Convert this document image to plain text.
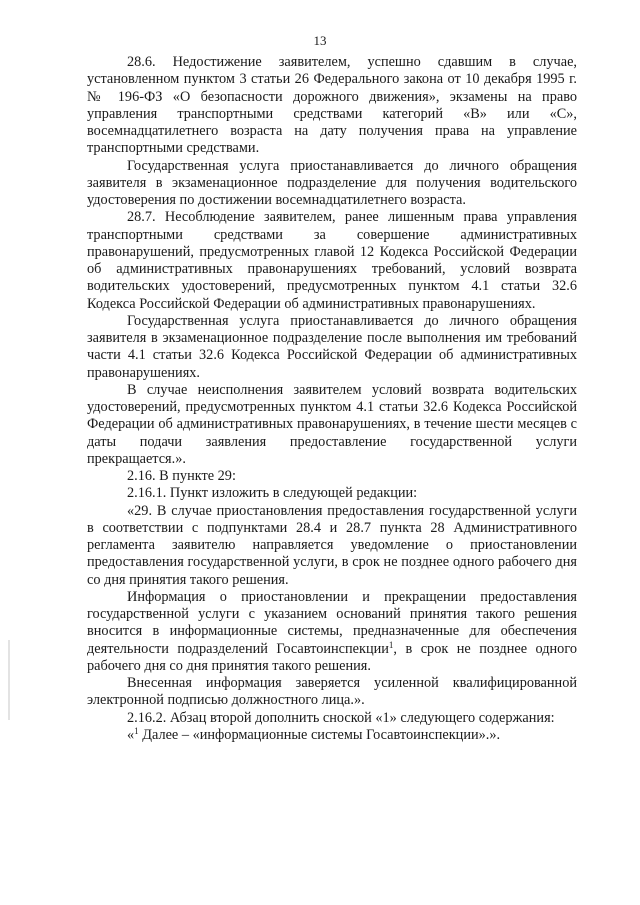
13

28.6. Недостижение заявителем, успешно сдавшим в случае, установленном пунктом 3 статьи 26 Федерального закона от 10 декабря 1995 г. № 196-ФЗ «О безопасности дорожного движения», экзамены на право управления транспортными средствами категорий «В» или «С», восемнадцатилетнего возраста на дату получения права на управление транспортными средствами.

Государственная услуга приостанавливается до личного обращения заявителя в экзаменационное подразделение для получения водительского удостоверения по достижении восемнадцатилетнего возраста.

28.7. Несоблюдение заявителем, ранее лишенным права управления транспортными средствами за совершение административных правонарушений, предусмотренных главой 12 Кодекса Российской Федерации об административных правонарушениях требований, условий возврата водительских удостоверений, предусмотренных пунктом 4.1 статьи 32.6 Кодекса Российской Федерации об административных правонарушениях.

Государственная услуга приостанавливается до личного обращения заявителя в экзаменационное подразделение после выполнения им требований части 4.1 статьи 32.6 Кодекса Российской Федерации об административных правонарушениях.

В случае неисполнения заявителем условий возврата водительских удостоверений, предусмотренных пунктом 4.1 статьи 32.6 Кодекса Российской Федерации об административных правонарушениях, в течение шести месяцев с даты подачи заявления предоставление государственной услуги прекращается.».

2.16. В пункте 29:

2.16.1. Пункт изложить в следующей редакции:

«29. В случае приостановления предоставления государственной услуги в соответствии с подпунктами 28.4 и 28.7 пункта 28 Административного регламента заявителю направляется уведомление о приостановлении предоставления государственной услуги, в срок не позднее одного рабочего дня со дня принятия такого решения.

Информация о приостановлении и прекращении предоставления государственной услуги с указанием оснований принятия такого решения вносится в информационные системы, предназначенные для обеспечения деятельности подразделений Госавтоинспекции$^1$, в срок не позднее одного рабочего дня со дня принятия такого решения.

Внесенная информация заверяется усиленной квалифицированной электронной подписью должностного лица.».

2.16.2. Абзац второй дополнить сноской «1» следующего содержания:

«$^1$ Далее – «информационные системы Госавтоинспекции».».
